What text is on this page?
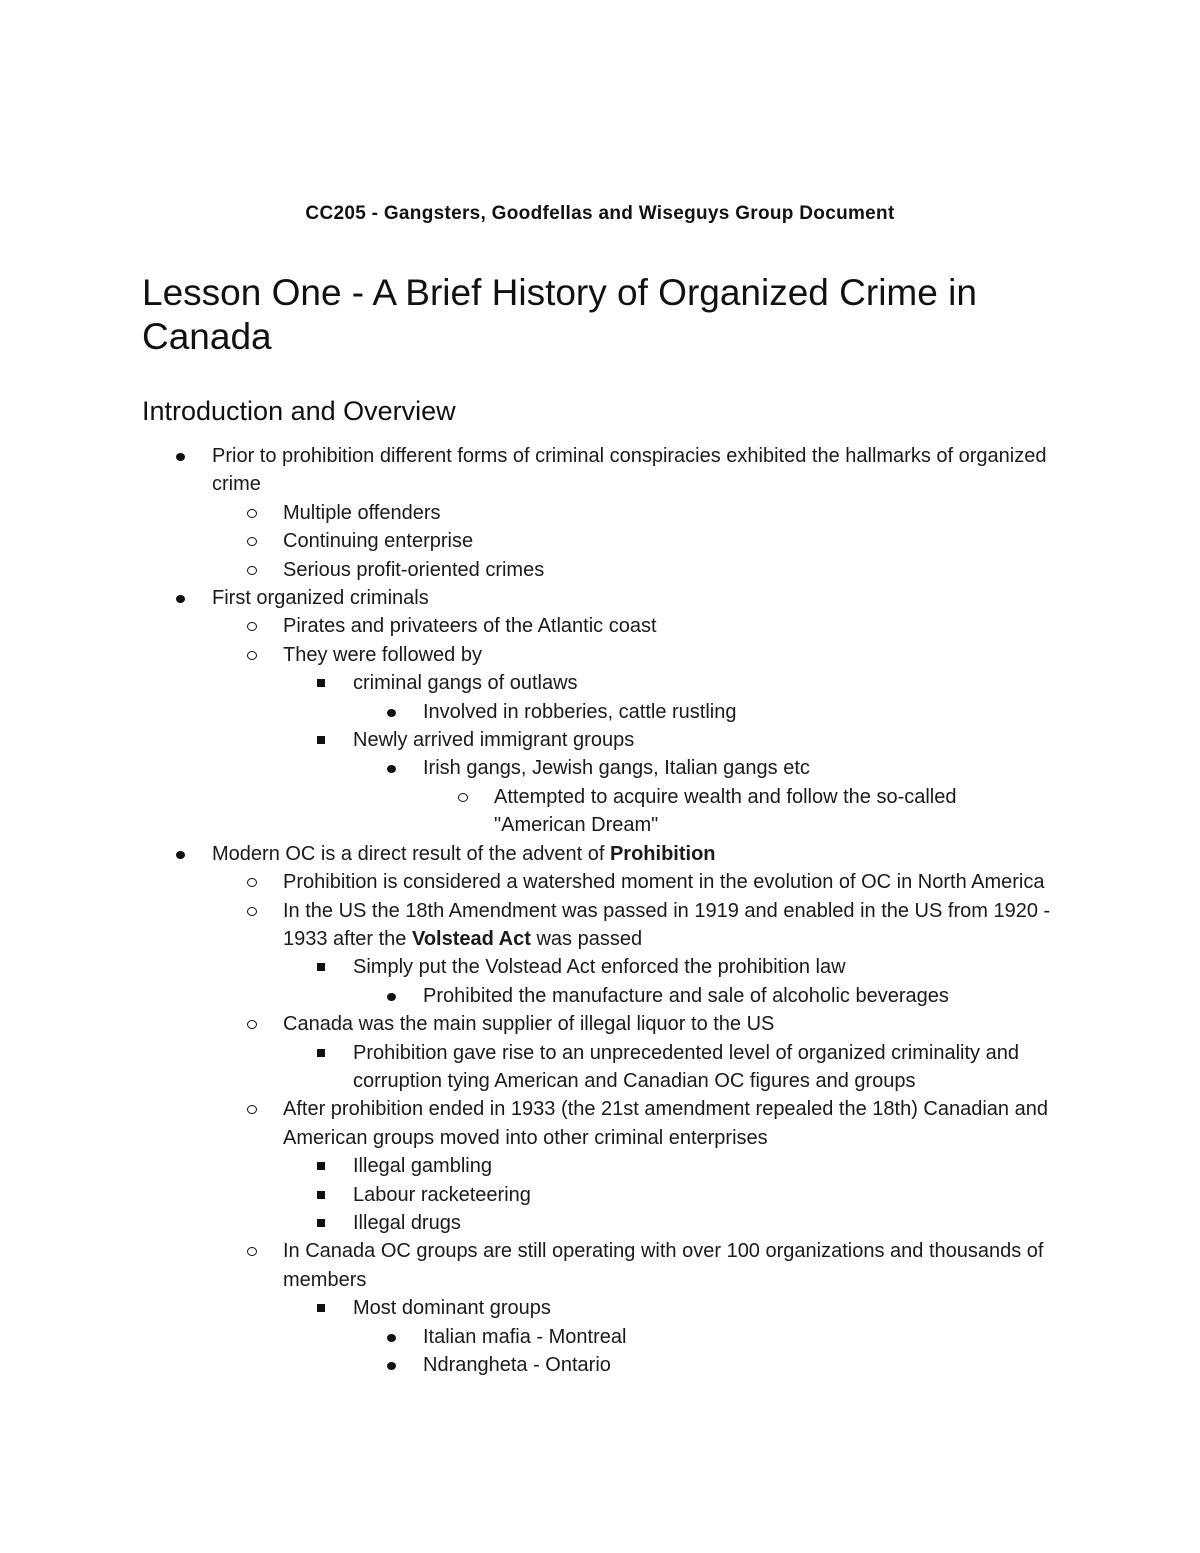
CC205 - Gangsters, Goodfellas and Wiseguys Group Document
Lesson One - A Brief History of Organized Crime in Canada
Introduction and Overview
Prior to prohibition different forms of criminal conspiracies exhibited the hallmarks of organized crime
Multiple offenders
Continuing enterprise
Serious profit-oriented crimes
First organized criminals
Pirates and privateers of the Atlantic coast
They were followed by
criminal gangs of outlaws
Involved in robberies, cattle rustling
Newly arrived immigrant groups
Irish gangs, Jewish gangs, Italian gangs etc
Attempted to acquire wealth and follow the so-called "American Dream"
Modern OC is a direct result of the advent of Prohibition
Prohibition is considered a watershed moment in the evolution of OC in North America
In the US the 18th Amendment was passed in 1919 and enabled in the US from 1920 - 1933 after the Volstead Act was passed
Simply put the Volstead Act enforced the prohibition law
Prohibited the manufacture and sale of alcoholic beverages
Canada was the main supplier of illegal liquor to the US
Prohibition gave rise to an unprecedented level of organized criminality and corruption tying American and Canadian OC figures and groups
After prohibition ended in 1933 (the 21st amendment repealed the 18th) Canadian and American groups moved into other criminal enterprises
Illegal gambling
Labour racketeering
Illegal drugs
In Canada OC groups are still operating with over 100 organizations and thousands of members
Most dominant groups
Italian mafia - Montreal
Ndrangheta - Ontario
